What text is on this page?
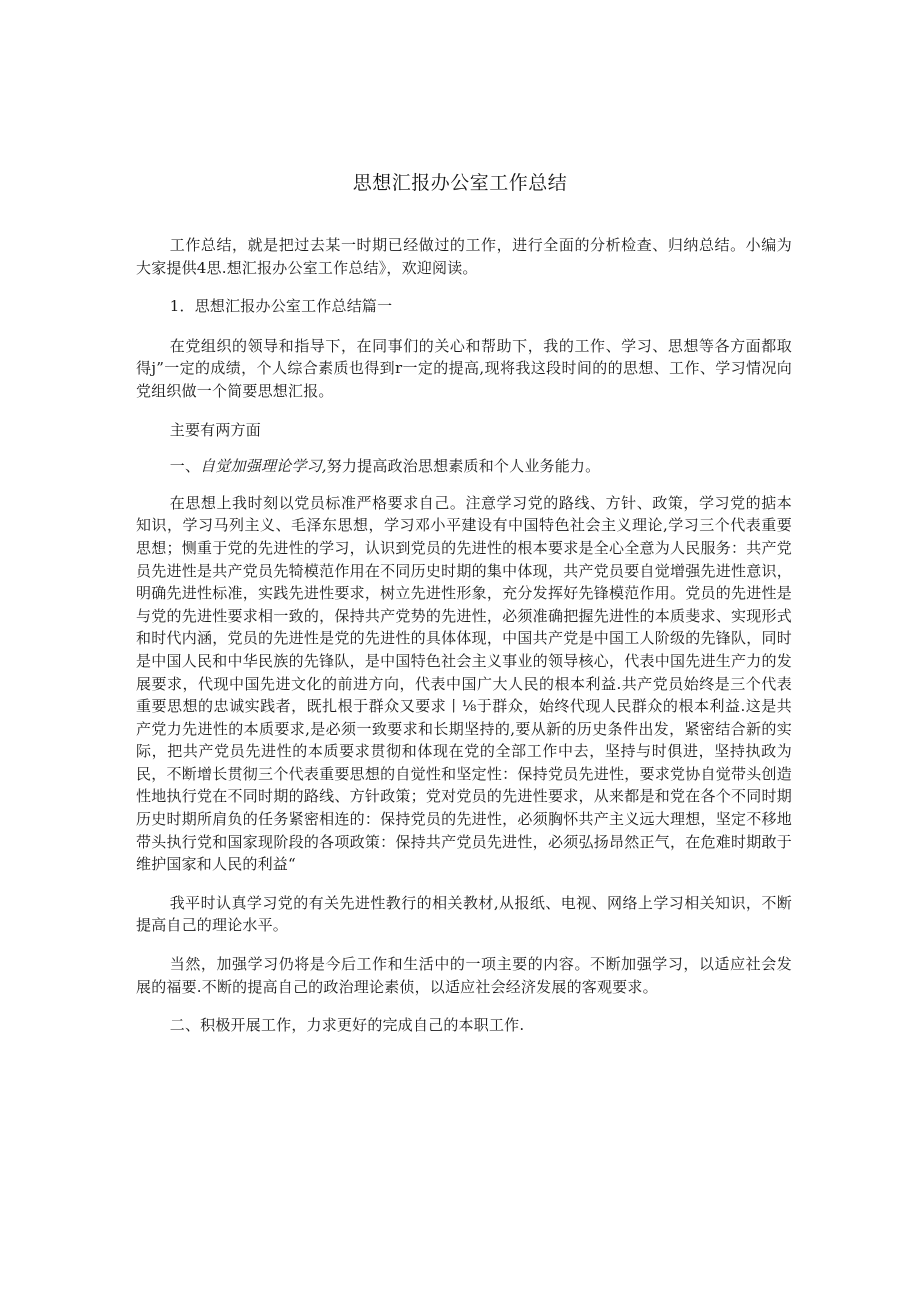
思想汇报办公室工作总结

工作总结，就是把过去某一时期已经做过的工作，进行全面的分析检查、归纳总结。小编为大家提供4思.想汇报办公室工作总结》，欢迎阅读。

1．思想汇报办公室工作总结篇一

在党组织的领导和指导下，在同事们的关心和帮助下，我的工作、学习、思想等各方面都取得j”一定的成绩，个人综合素质也得到r一定的提高,现将我这段时间的的思想、工作、学习情况向党组织做一个简要思想汇报。

主要有两方面

一、自觉加强理论学习,努力提高政治思想素质和个人业务能力。

在思想上我时刻以党员标准严格要求自己。注意学习党的路线、方针、政策，学习党的掂本知识，学习马列主义、毛泽东思想，学习邓小平建设有中国特色社会主义理论,学习三个代表重要思想；恻重于党的先进性的学习，认识到党员的先进性的根本要求是全心全意为人民服务：共产党员先进性是共产党员先犄模范作用在不同历史时期的集中体现，共产党员要自觉增强先进性意识，明确先进性标准，实践先进性要求，树立先进性形象，充分发挥好先锋模范作用。党员的先进性是与党的先进性要求相一致的，保持共产党势的先进性，必须准确把握先进性的本质斐求、实现形式和时代内涵，党员的先进性是党的先进性的具体体现，中国共产党是中国工人阶级的先锋队，同时是中国人民和中华民族的先锋队，是中国特色社会主义事业的领导核心，代表中国先进生产力的发展要求，代现中国先进文化的前进方向，代表中国广大人民的根本利益.共产党员始终是三个代表重要思想的忠诚实践者，既扎根于群众又要求丨⅛于群众，始终代现人民群众的根本利益.这是共产党力先进性的本质要求,是必须一致要求和长期坚持的,要从新的历史条件出发，紧密结合新的实际，把共产党员先进性的本质要求贯彻和体现在党的全部工作中去，坚持与时俱进，坚持执政为民，不断增长贯彻三个代表重要思想的自觉性和坚定性：保持党员先进性，要求党协自觉带头创造性地执行党在不同时期的路线、方针政策；党对党员的先进性要求，从来都是和党在各个不同时期历史时期所肩负的任务紧密相连的：保持党员的先进性，必须胸怀共产主义远大理想，坚定不移地带头执行党和国家现阶段的各项政策：保持共产党员先进性，必须弘扬昂然正气，在危难时期敢于维护国家和人民的利益“

我平时认真学习党的有关先进性教行的相关教材,从报纸、电视、网络上学习相关知识，不断提高自己的理论水平。

当然，加强学习仍将是今后工作和生活中的一项主要的内容。不断加强学习，以适应社会发展的福要.不断的提高自己的政治理论素侦，以适应社会经济发展的客观要求。

二、积极开展工作，力求更好的完成自己的本职工作.
